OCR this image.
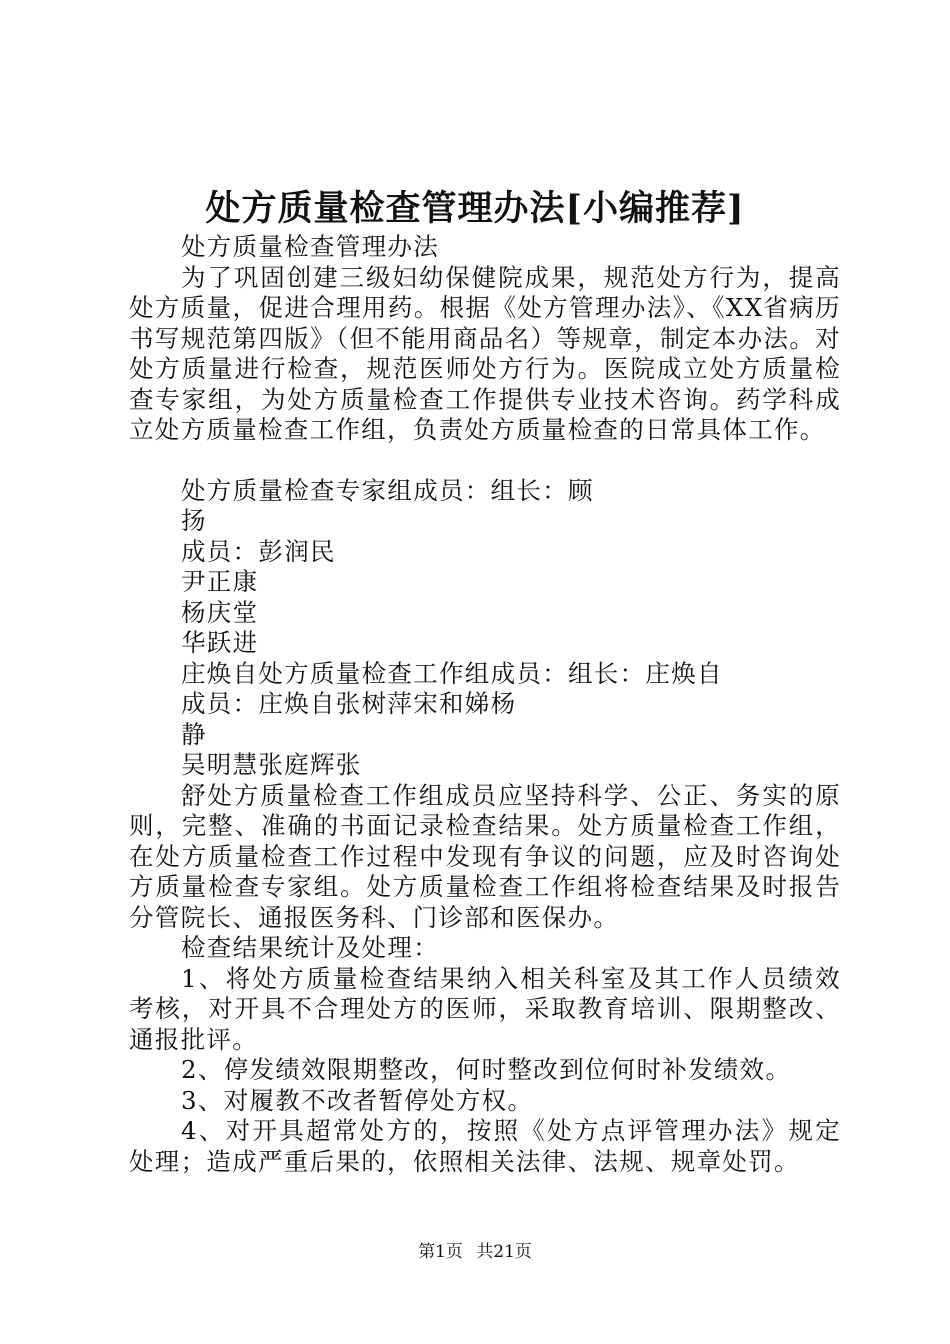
处方质量检查管理办法[小编推荐]

处方质量检查管理办法

为了巩固创建三级妇幼保健院成果，规范处方行为，提高处方质量，促进合理用药。根据《处方管理办法》、《XX省病历书写规范第四版》（但不能用商品名）等规章，制定本办法。对处方质量进行检查，规范医师处方行为。医院成立处方质量检查专家组，为处方质量检查工作提供专业技术咨询。药学科成立处方质量检查工作组，负责处方质量检查的日常具体工作。

处方质量检查专家组成员：组长：顾
扬
成员：彭润民
尹正康
杨庆堂
华跃进
庄焕自处方质量检查工作组成员：组长：庄焕自
成员：庄焕自张树萍宋和娣杨
静
吴明慧张庭辉张

舒处方质量检查工作组成员应坚持科学、公正、务实的原则，完整、准确的书面记录检查结果。处方质量检查工作组，在处方质量检查工作过程中发现有争议的问题，应及时咨询处方质量检查专家组。处方质量检查工作组将检查结果及时报告分管院长、通报医务科、门诊部和医保办。

检查结果统计及处理：

1、将处方质量检查结果纳入相关科室及其工作人员绩效考核，对开具不合理处方的医师，采取教育培训、限期整改、通报批评。

2、停发绩效限期整改，何时整改到位何时补发绩效。

3、对履教不改者暂停处方权。

4、对开具超常处方的，按照《处方点评管理办法》规定处理；造成严重后果的，依照相关法律、法规、规章处罚。

第1页 共21页
